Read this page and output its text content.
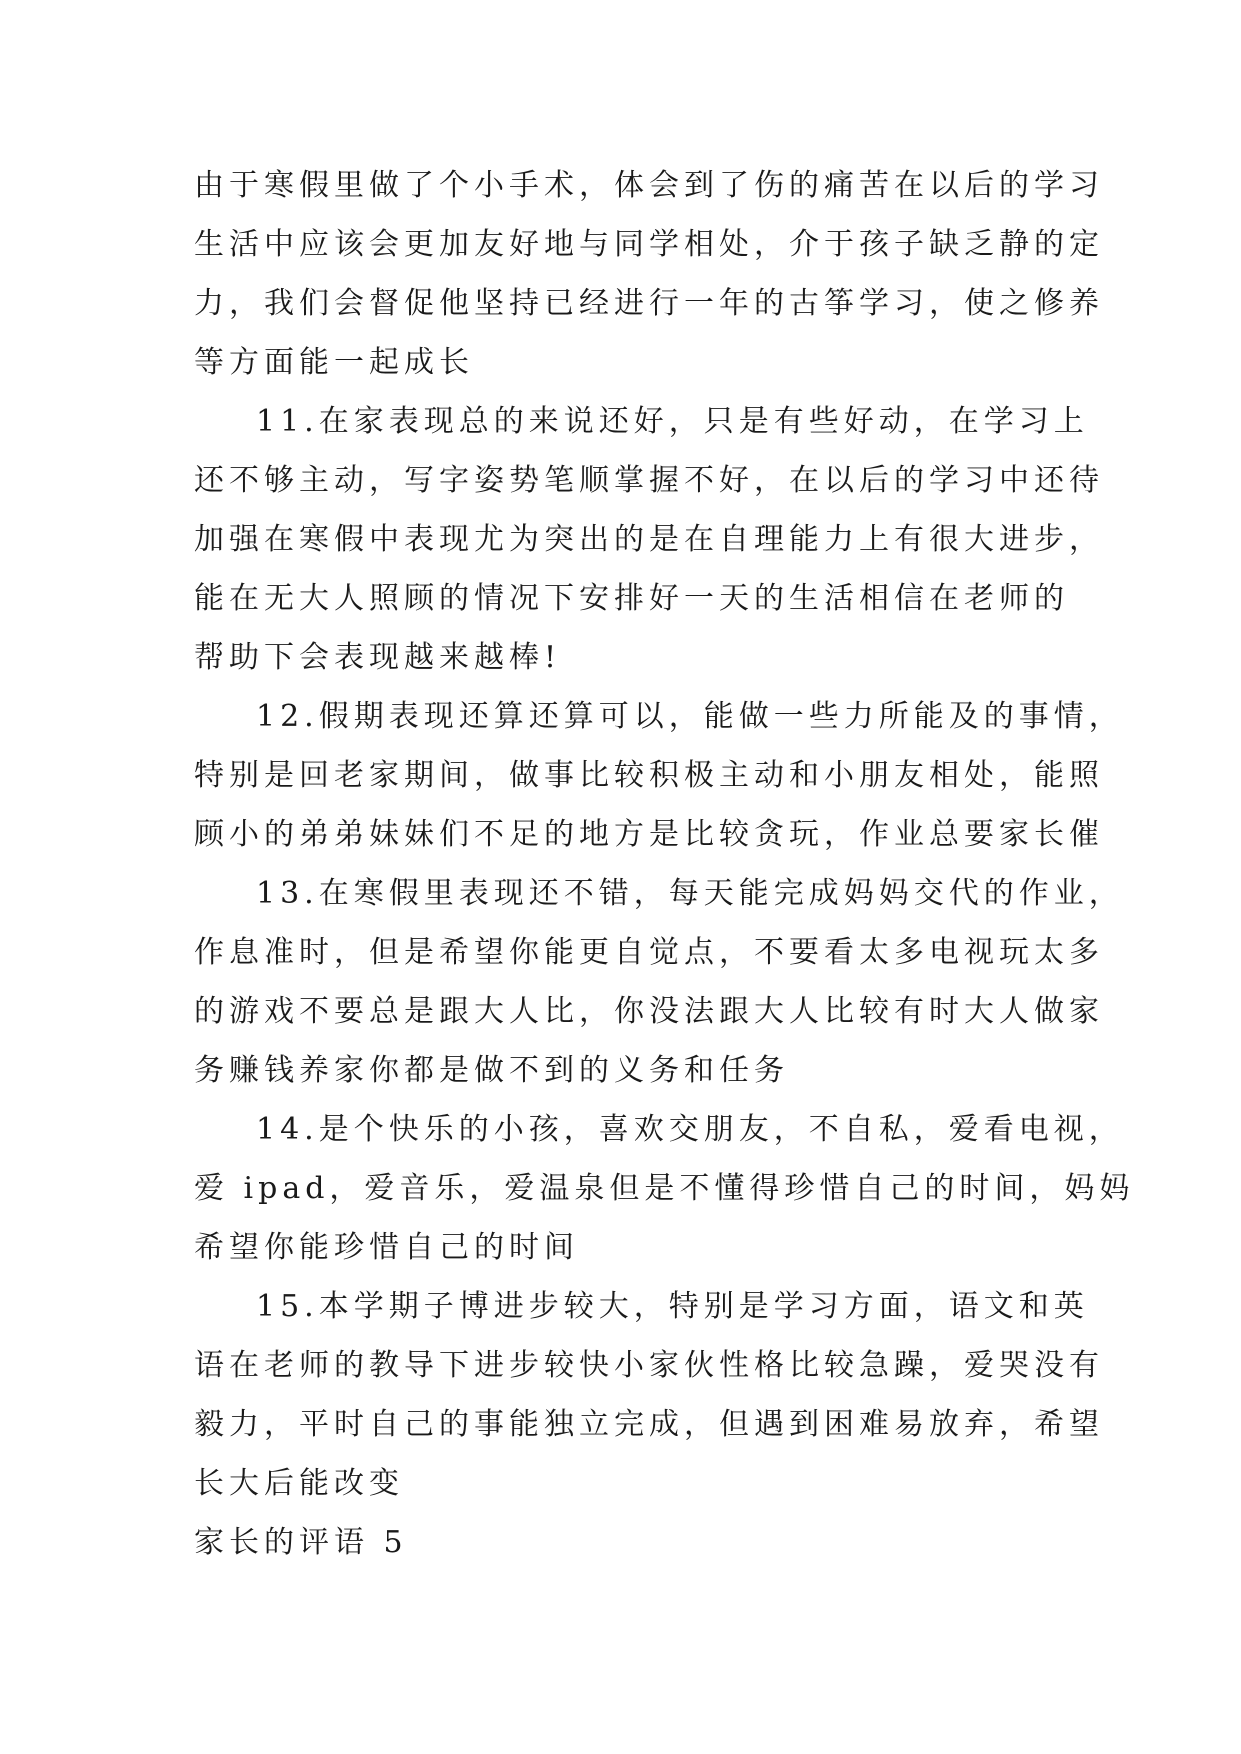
由于寒假里做了个小手术，体会到了伤的痛苦在以后的学习
生活中应该会更加友好地与同学相处，介于孩子缺乏静的定
力，我们会督促他坚持已经进行一年的古筝学习，使之修养
等方面能一起成长
11.在家表现总的来说还好，只是有些好动，在学习上
还不够主动，写字姿势笔顺掌握不好，在以后的学习中还待
加强在寒假中表现尤为突出的是在自理能力上有很大进步，
能在无大人照顾的情况下安排好一天的生活相信在老师的
帮助下会表现越来越棒!
12.假期表现还算还算可以，能做一些力所能及的事情，
特别是回老家期间，做事比较积极主动和小朋友相处，能照
顾小的弟弟妹妹们不足的地方是比较贪玩，作业总要家长催
13.在寒假里表现还不错，每天能完成妈妈交代的作业，
作息准时，但是希望你能更自觉点，不要看太多电视玩太多
的游戏不要总是跟大人比，你没法跟大人比较有时大人做家
务赚钱养家你都是做不到的义务和任务
14.是个快乐的小孩，喜欢交朋友，不自私，爱看电视，
爱 ipad，爱音乐，爱温泉但是不懂得珍惜自己的时间，妈妈
希望你能珍惜自己的时间
15.本学期子博进步较大，特别是学习方面，语文和英
语在老师的教导下进步较快小家伙性格比较急躁，爱哭没有
毅力，平时自己的事能独立完成，但遇到困难易放弃，希望
长大后能改变
家长的评语 5
